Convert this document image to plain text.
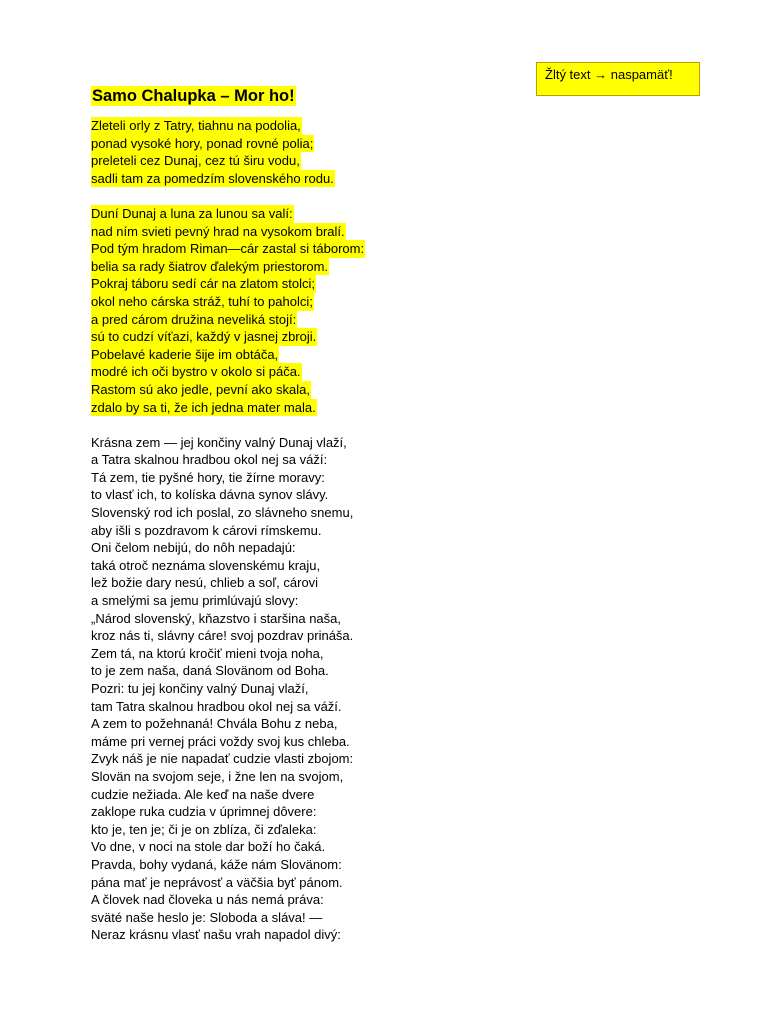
Žltý text → naspamäť!
Samo Chalupka – Mor ho!
Zleteli orly z Tatry, tiahnu na podolia,
ponad vysoké hory, ponad rovné polia;
preleteli cez Dunaj, cez tú širu vodu,
sadli tam za pomedzím slovenského rodu.
Duní Dunaj a luna za lunou sa valí:
nad ním svieti pevný hrad na vysokom bralí.
Pod tým hradom Riman—cár zastal si táborom:
belia sa rady šiatrov ďalekým priestorom.
Pokraj táboru sedí cár na zlatom stolci;
okol neho cárska stráž, tuhí to paholci;
a pred cárom družina neveliká stojí:
sú to cudzí víťazi, každý v jasnej zbroji.
Pobelavé kaderie šije im obtáča,
modré ich oči bystro v okolo si páča.
Rastom sú ako jedle, pevní ako skala,
zdalo by sa ti, že ich jedna mater mala.
Krásna zem — jej končiny valný Dunaj vlaží,
a Tatra skalnou hradbou okol nej sa váží:
Tá zem, tie pyšné hory, tie žírne moravy:
to vlasť ich, to kolíska dávna synov slávy.
Slovenský rod ich poslal, zo slávneho snemu,
aby išli s pozdravom k cárovi rímskemu.
Oni čelom nebijú, do nôh nepadajú:
taká otroč neznáma slovenskému kraju,
lež božie dary nesú, chlieb a soľ, cárovi
a smelými sa jemu primlúvajú slovy:
„Národ slovenský, kňazstvo i staršina naša,
kroz nás ti, slávny cáre! svoj pozdrav prináša.
Zem tá, na ktorú kročiť mieni tvoja noha,
to je zem naša, daná Slovänom od Boha.
Pozri: tu jej končiny valný Dunaj vlaží,
tam Tatra skalnou hradbou okol nej sa váží.
A zem to požehnaná! Chvála Bohu z neba,
máme pri vernej práci voždy svoj kus chleba.
Zvyk náš je nie napadať cudzie vlasti zbojom:
Slovän na svojom seje, i žne len na svojom,
cudzie nežiada. Ale keď na naše dvere
zaklope ruka cudzia v úprimnej dôvere:
kto je, ten je; či je on zblíza, či zďaleka:
Vo dne, v noci na stole dar boží ho čaká.
Pravda, bohy vydaná, káže nám Slovänom:
pána mať je neprávosť a väčšia byť pánom.
A človek nad človeka u nás nemá práva:
sväté naše heslo je: Sloboda a sláva! —
Neraz krásnu vlasť našu vrah napadol divý:
